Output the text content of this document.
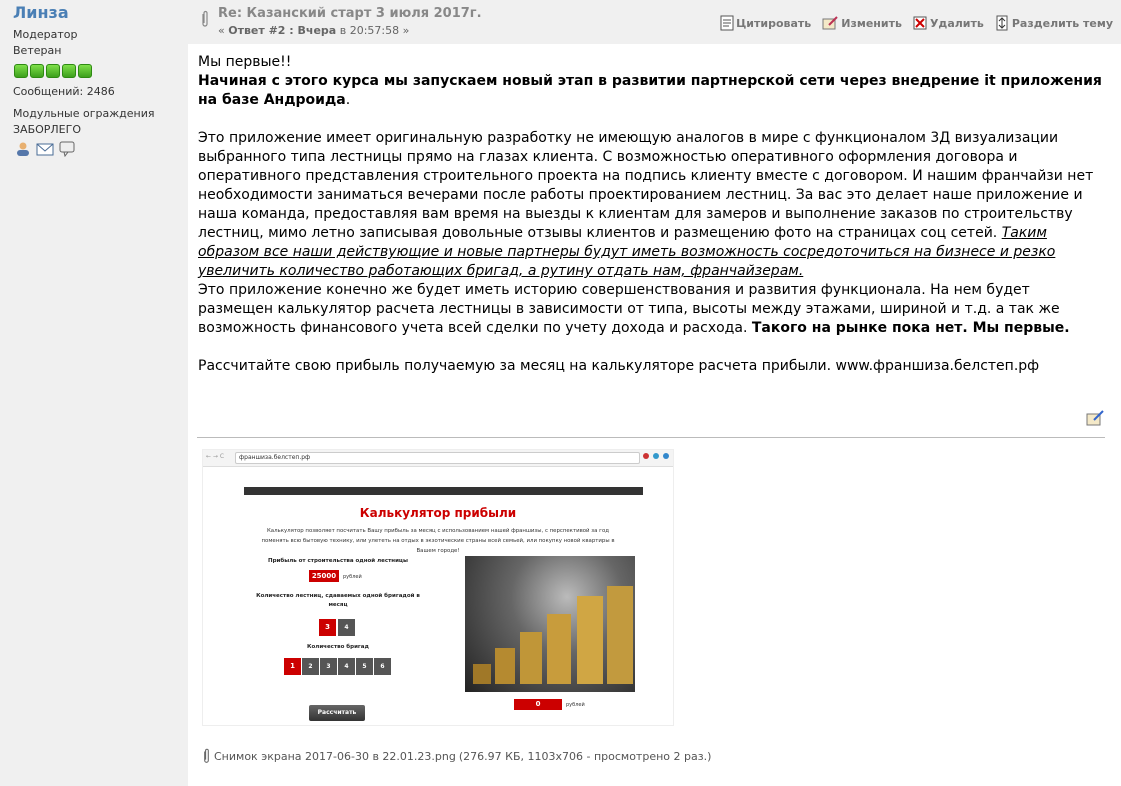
Линза
Модератор
Ветеран
Сообщений: 2486
Модульные ограждения
ЗАБОРЛЕГО
Re: Казанский старт 3 июля 2017г.
« Ответ #2 : Вчера в 20:57:58 »
Цитировать	Изменить	Удалить	Разделить тему

Мы первые!!

Начиная с этого курса мы запускаем новый этап в развитии партнерской сети через внедрение it приложения на базе Андроида.

Это приложение имеет оригинальную разработку не имеющую аналогов в мире с функционалом 3Д визуализации выбранного типа лестницы прямо на глазах клиента. С возможностью оперативного оформления договора и оперативного представления строительного проекта на подпись клиенту вместе с договором. И нашим франчайзи нет необходимости заниматься вечерами после работы проектированием лестниц. За вас это делает наше приложение и наша команда, предоставляя вам время на выезды к клиентам для замеров и выполнение заказов по строительству лестниц, мимо летно записывая довольные отзывы клиентов и размещению фото на страницах соц сетей. Таким образом все наши действующие и новые партнеры будут иметь возможность сосредоточиться на бизнесе и резко увеличить количество работающих бригад, а рутину отдать нам, франчайзерам.

Это приложение конечно же будет иметь историю совершенствования и развития функционала. На нем будет размещен калькулятор расчета лестницы в зависимости от типа, высоты между этажами, шириной и т.д. а так же возможность финансового учета всей сделки по учету дохода и расхода. Такого на рынке пока нет. Мы первые.

Рассчитайте свою прибыль получаемую за месяц на калькуляторе расчета прибыли. www.франшиза.белстеп.рф

← → C	франшиза.белстеп.рф
Калькулятор прибыли
Калькулятор позволяет посчитать Вашу прибыль за месяц с использованием нашей франшизы, с перспективой за год поменять всю бытовую технику, или улететь на отдых в экзотические страны всей семьей, или покупку новой квартиры в Вашем городе!
Прибыль от строительства одной лестницы
25000	рублей
Количество лестниц, сдаваемых одной бригадой в месяц
3	4
Количество бригад
1	2	3	4	5	6
Рассчитать
0	рублей
Снимок экрана 2017-06-30 в 22.01.23.png (276.97 КБ, 1103x706 - просмотрено 2 раз.)
